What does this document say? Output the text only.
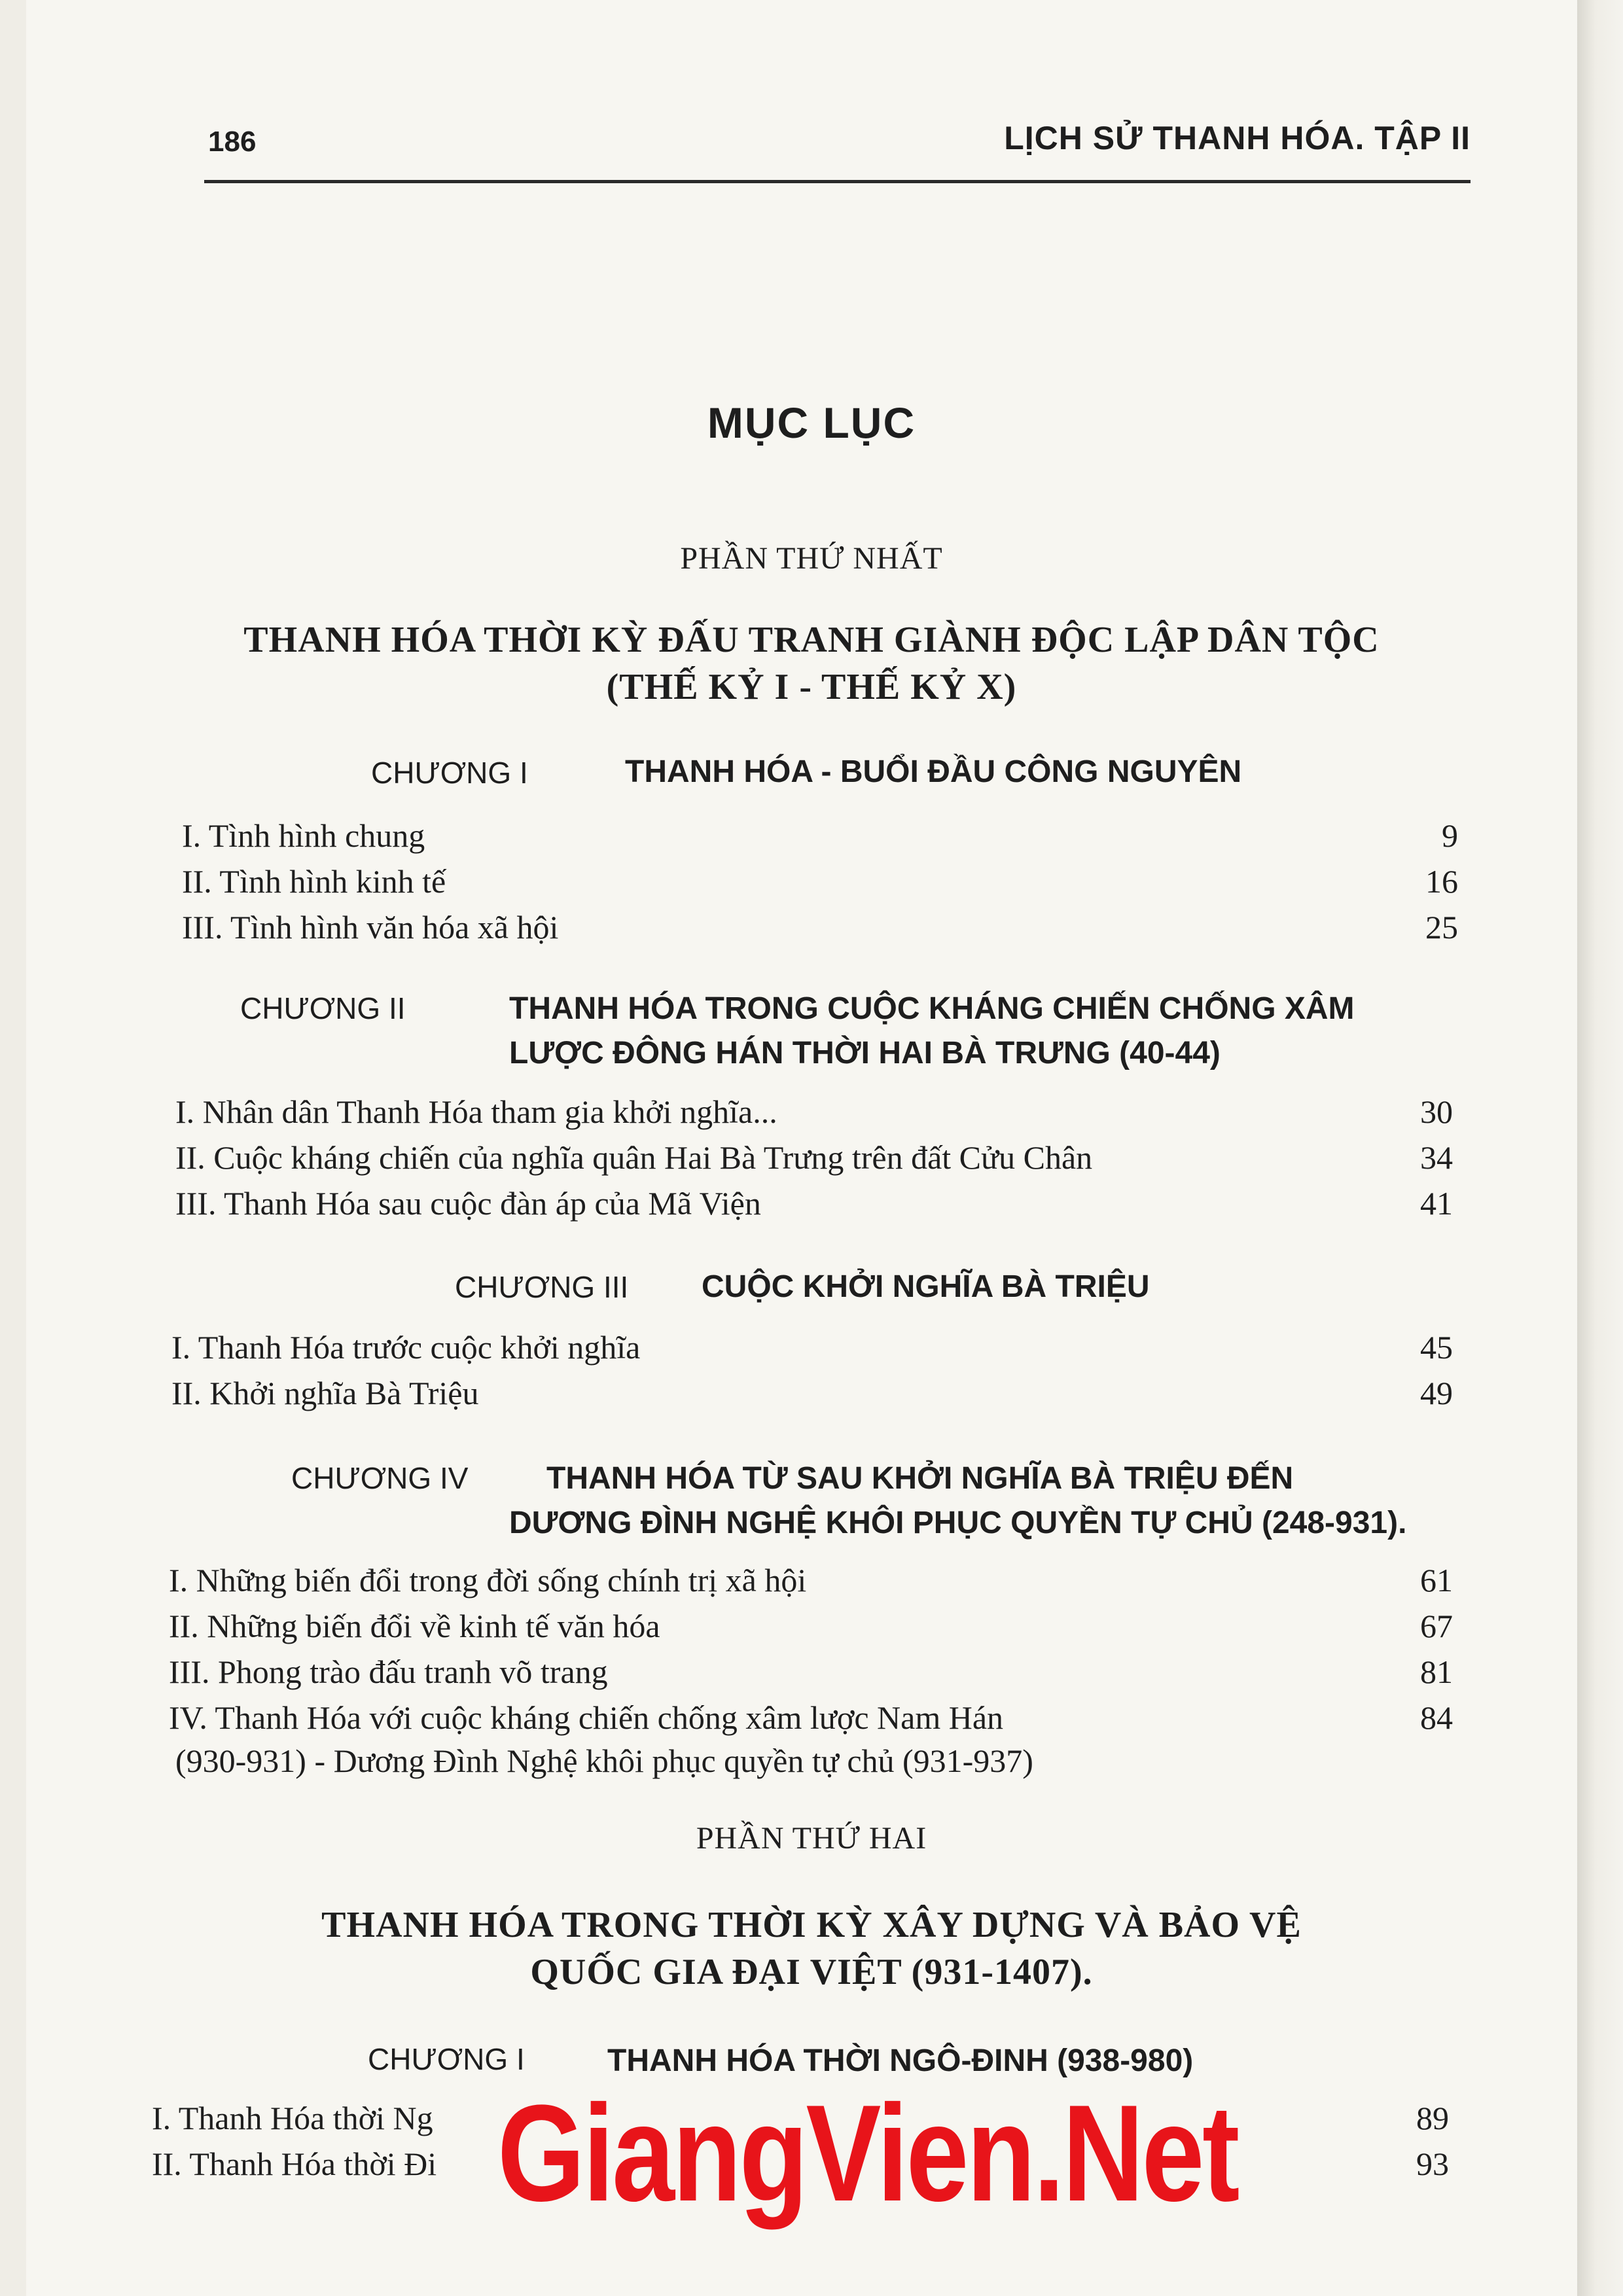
186	LỊCH SỬ THANH HÓA. TẬP II
MỤC LỤC
PHẦN THỨ NHẤT
THANH HÓA THỜI KỲ ĐẤU TRANH GIÀNH ĐỘC LẬP DÂN TỘC
(THẾ KỶ I - THẾ KỶ X)
CHƯƠNG I	THANH HÓA - BUỔI ĐẦU CÔNG NGUYÊN
I. Tình hình chung	9
II. Tình hình kinh tế	16
III. Tình hình văn hóa xã hội	25
CHƯƠNG II	THANH HÓA TRONG CUỘC KHÁNG CHIẾN CHỐNG XÂM
LƯỢC ĐÔNG HÁN THỜI HAI BÀ TRƯNG (40-44)
I. Nhân dân Thanh Hóa tham gia khởi nghĩa...	30
II. Cuộc kháng chiến của nghĩa quân Hai Bà Trưng trên đất Cửu Chân	34
III. Thanh Hóa sau cuộc đàn áp của Mã Viện	41
CHƯƠNG III CUỘC KHỞI NGHĨA BÀ TRIỆU
I. Thanh Hóa trước cuộc khởi nghĩa	45
II. Khởi nghĩa Bà Triệu	49
CHƯƠNG IV THANH HÓA TỪ SAU KHỞI NGHĨA BÀ TRIỆU ĐẾN
DƯƠNG ĐÌNH NGHỆ KHÔI PHỤC QUYỀN TỰ CHỦ (248-931).
I. Những biến đổi trong đời sống chính trị xã hội	61
II. Những biến đổi về kinh tế văn hóa	67
III. Phong trào đấu tranh võ trang	81
IV. Thanh Hóa với cuộc kháng chiến chống xâm lược Nam Hán	84
(930-931) - Dương Đình Nghệ khôi phục quyền tự chủ (931-937)
PHẦN THỨ HAI
THANH HÓA TRONG THỜI KỲ XÂY DỰNG VÀ BẢO VỆ
QUỐC GIA ĐẠI VIỆT (931-1407).
CHƯƠNG I	THANH HÓA THỜI NGÔ-ĐINH (938-980)
I. Thanh Hóa thời Ng	89
II. Thanh Hóa thời Đi	93
GiangVien.Net
